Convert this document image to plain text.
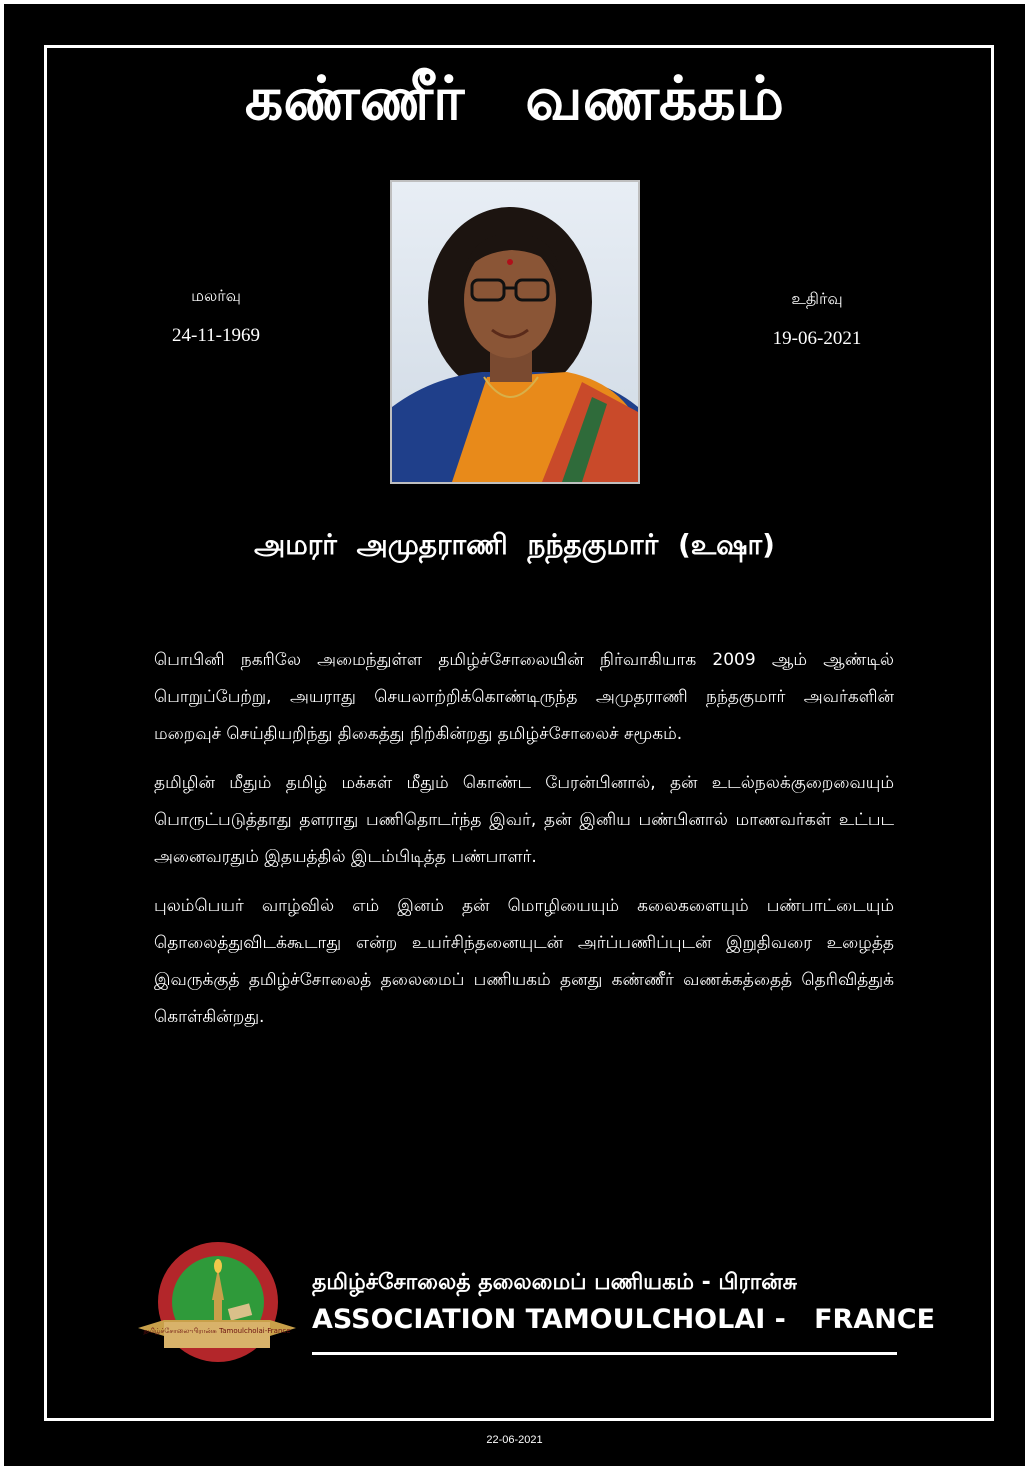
கண்ணீர் வணக்கம்
மலர்வு
24-11-1969
உதிர்வு
19-06-2021
அமரர் அமுதராணி நந்தகுமார் (உஷா)

பொபினி நகரிலே அமைந்துள்ள தமிழ்ச்சோலையின் நிர்வாகியாக 2009 ஆம் ஆண்டில் பொறுப்பேற்று, அயராது செயலாற்றிக்கொண்டிருந்த அமுதராணி நந்தகுமார் அவர்களின் மறைவுச் செய்தியறிந்து திகைத்து நிற்கின்றது தமிழ்ச்சோலைச் சமூகம்.

தமிழின் மீதும் தமிழ் மக்கள் மீதும் கொண்ட பேரன்பினால், தன் உடல்நலக்குறைவையும் பொருட்படுத்தாது தளராது பணிதொடர்ந்த இவர், தன் இனிய பண்பினால் மாணவர்கள் உட்பட அனைவரதும் இதயத்தில் இடம்பிடித்த பண்பாளர்.

புலம்பெயர் வாழ்வில் எம் இனம் தன் மொழியையும் கலைகளையும் பண்பாட்டையும் தொலைத்துவிடக்கூடாது என்ற உயர்சிந்தனையுடன் அர்ப்பணிப்புடன் இறுதிவரை உழைத்த இவருக்குத் தமிழ்ச்சோலைத் தலைமைப் பணியகம் தனது கண்ணீர் வணக்கத்தைத் தெரிவித்துக் கொள்கின்றது.

தமிழ்ச்சோலை-பிரான்சு Tamoulcholai-France
தமிழ்ச்சோலைத் தலைமைப் பணியகம் - பிரான்சு
ASSOCIATION TAMOULCHOLAI -   FRANCE
22-06-2021
